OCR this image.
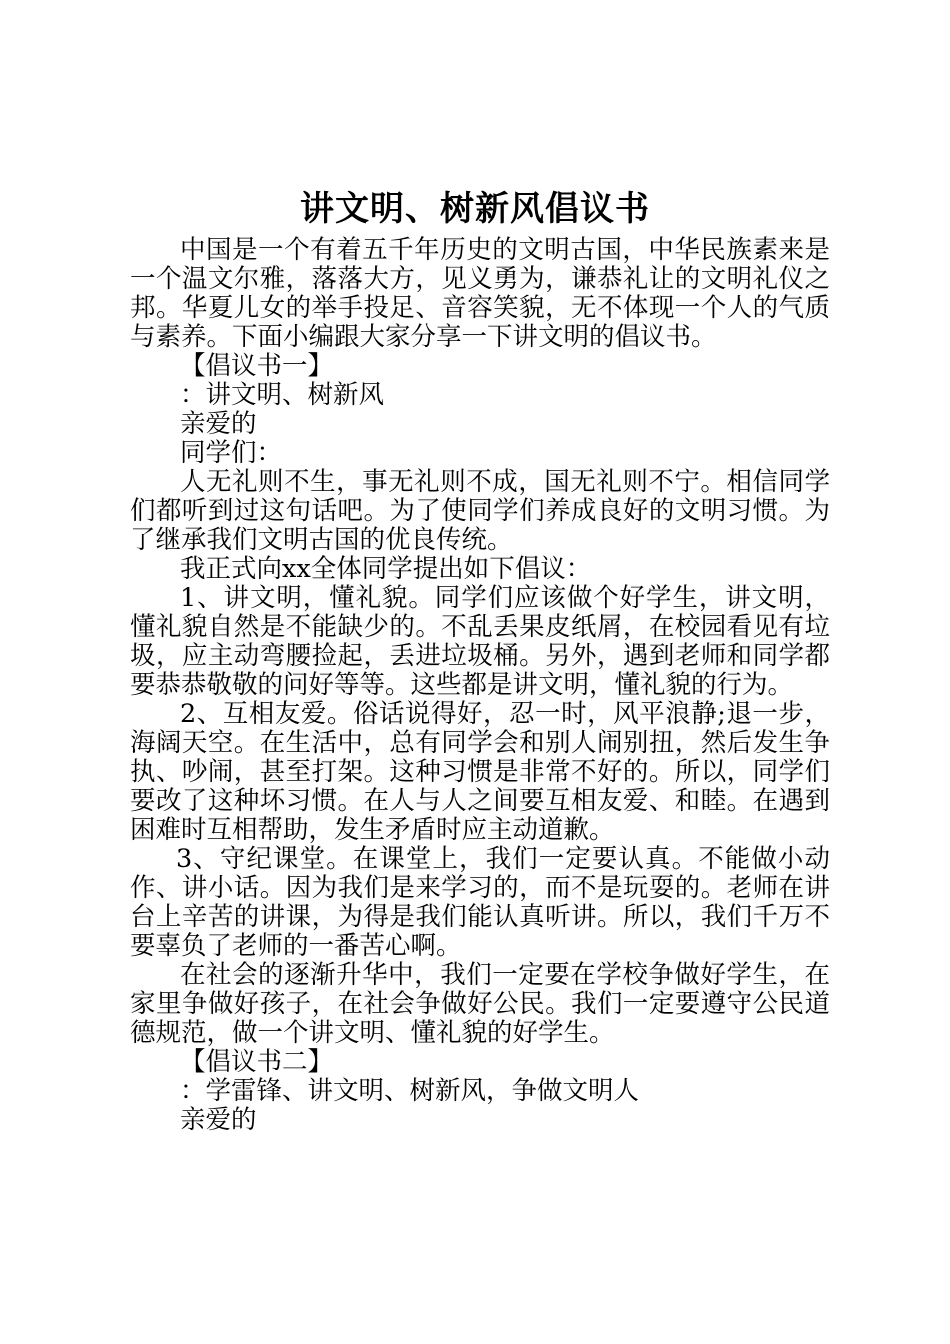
讲文明、树新风倡议书

中国是一个有着五千年历史的文明古国，中华民族素来是一个温文尔雅，落落大方，见义勇为，谦恭礼让的文明礼仪之邦。华夏儿女的举手投足、音容笑貌，无不体现一个人的气质与素养。下面小编跟大家分享一下讲文明的倡议书。

【倡议书一】

：讲文明、树新风

亲爱的

同学们：

人无礼则不生，事无礼则不成，国无礼则不宁。相信同学们都听到过这句话吧。为了使同学们养成良好的文明习惯。为了继承我们文明古国的优良传统。

我正式向xx全体同学提出如下倡议：

1、讲文明，懂礼貌。同学们应该做个好学生，讲文明，懂礼貌自然是不能缺少的。不乱丢果皮纸屑，在校园看见有垃圾，应主动弯腰捡起，丢进垃圾桶。另外，遇到老师和同学都要恭恭敬敬的问好等等。这些都是讲文明，懂礼貌的行为。

2、互相友爱。俗话说得好，忍一时，风平浪静;退一步，海阔天空。在生活中，总有同学会和别人闹别扭，然后发生争执、吵闹，甚至打架。这种习惯是非常不好的。所以，同学们要改了这种坏习惯。在人与人之间要互相友爱、和睦。在遇到困难时互相帮助，发生矛盾时应主动道歉。

3、守纪课堂。在课堂上，我们一定要认真。不能做小动作、讲小话。因为我们是来学习的，而不是玩耍的。老师在讲台上辛苦的讲课，为得是我们能认真听讲。所以，我们千万不要辜负了老师的一番苦心啊。

在社会的逐渐升华中，我们一定要在学校争做好学生，在家里争做好孩子，在社会争做好公民。我们一定要遵守公民道德规范，做一个讲文明、懂礼貌的好学生。

【倡议书二】

：学雷锋、讲文明、树新风，争做文明人

亲爱的
